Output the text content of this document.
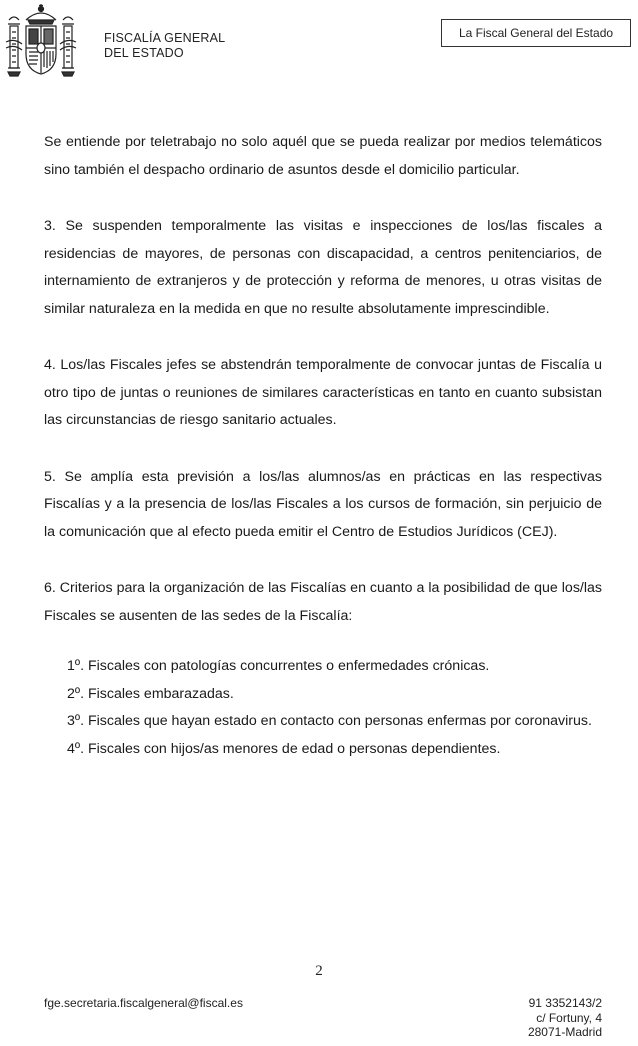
FISCALÍA GENERAL
DEL ESTADO
La Fiscal General del Estado

Se entiende por teletrabajo no solo aquél que se pueda realizar por medios telemáticos sino también el despacho ordinario de asuntos desde el domicilio particular.

3. Se suspenden temporalmente las visitas e inspecciones de los/las fiscales a residencias de mayores, de personas con discapacidad, a centros penitenciarios, de internamiento de extranjeros y de protección y reforma de menores, u otras visitas de similar naturaleza en la medida en que no resulte absolutamente imprescindible.

4. Los/las Fiscales jefes se abstendrán temporalmente de convocar juntas de Fiscalía u otro tipo de juntas o reuniones de similares características en tanto en cuanto subsistan las circunstancias de riesgo sanitario actuales.

5. Se amplía esta previsión a los/las alumnos/as en prácticas en las respectivas Fiscalías y a la presencia de los/las Fiscales a los cursos de formación, sin perjuicio de la comunicación que al efecto pueda emitir el Centro de Estudios Jurídicos (CEJ).

6. Criterios para la organización de las Fiscalías en cuanto a la posibilidad de que los/las Fiscales se ausenten de las sedes de la Fiscalía:

1º. Fiscales con patologías concurrentes o enfermedades crónicas.
2º. Fiscales embarazadas.
3º. Fiscales que hayan estado en contacto con personas enfermas por coronavirus.
4º. Fiscales con hijos/as menores de edad o personas dependientes.
2
fge.secretaria.fiscalgeneral@fiscal.es	91 3352143/2
c/ Fortuny, 4
28071-Madrid
